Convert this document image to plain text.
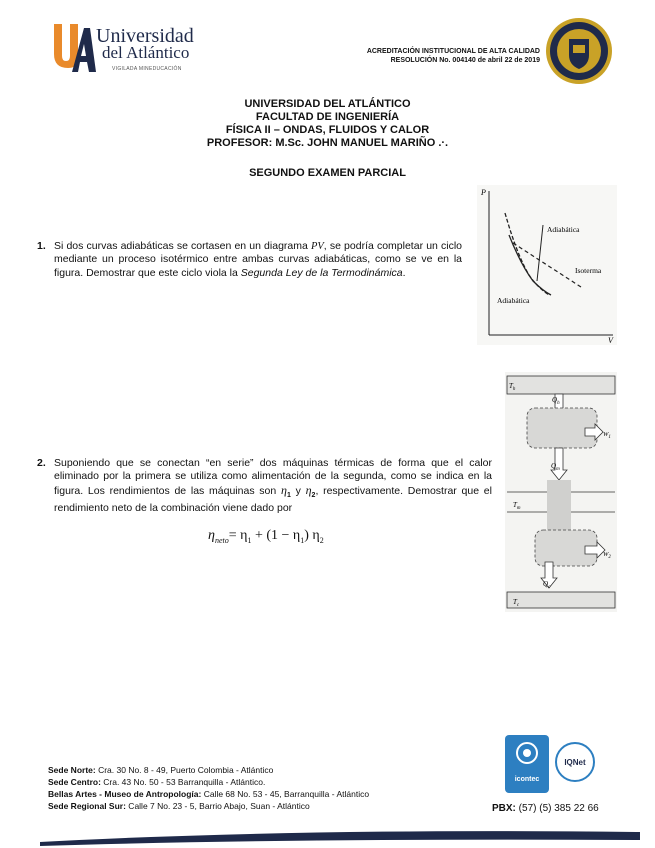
Universidad
del Atlántico
VIGILADA MINEDUCACIÓN
ACREDITACIÓN INSTITUCIONAL DE ALTA CALIDAD
RESOLUCIÓN No. 004140 de abril 22 de 2019
UNIVERSIDAD DEL ATLÁNTICO
FACULTAD DE INGENIERÍA
FÍSICA II – ONDAS, FLUIDOS Y CALOR
PROFESOR: M.Sc. JOHN MANUEL MARIÑO .·.
SEGUNDO EXAMEN PARCIAL
1. Si dos curvas adiabáticas se cortasen en un diagrama PV, se podría completar un ciclo mediante un proceso isotérmico entre ambas curvas adiabáticas, como se ve en la figura. Demostrar que este ciclo viola la Segunda Ley de la Termodinámica.
P
V
Adiabática
Isoterma
Adiabática
2. Suponiendo que se conectan “en serie” dos máquinas térmicas de forma que el calor eliminado por la primera se utiliza como alimentación de la segunda, como se indica en la figura. Los rendimientos de las máquinas son $\eta_1$ y $\eta_2$, respectivamente. Demostrar que el rendimiento neto de la combinación viene dado por
$\eta_{neto}= \eta_1 + (1 - \eta_1)$ $\eta_2$
$T_h$
$Q_h$
$W_1$
$Q_m$
$T_m$
$W_2$
$Q_c$
$T_c$
Sede Norte: Cra. 30 No. 8 - 49, Puerto Colombia - Atlántico
Sede Centro: Cra. 43 No. 50 - 53 Barranquilla - Atlántico.
Bellas Artes - Museo de Antropología: Calle 68 No. 53 - 45, Barranquilla - Atlántico
Sede Regional Sur: Calle 7 No. 23 - 5, Barrio Abajo, Suan - Atlántico
icontec
IQNet
PBX: (57) (5) 385 22 66
